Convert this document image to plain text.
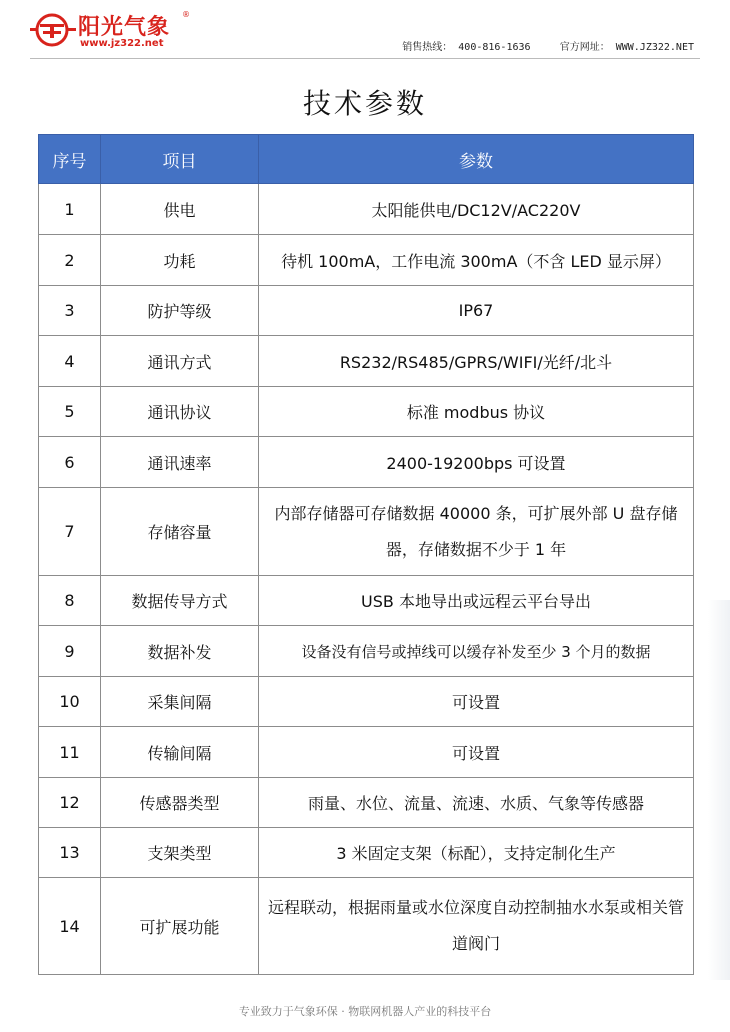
阳光气象
®
www.jz322.net	销售热线： 400-816-1636	官方网址： WWW.JZ322.NET
技术参数
序号	项目	参数
1	供电	太阳能供电/DC12V/AC220V
2	功耗	待机 100mA，工作电流 300mA（不含 LED 显示屏）
3	防护等级	IP67
4	通讯方式	RS232/RS485/GPRS/WIFI/光纤/北斗
5	通讯协议	标准 modbus 协议
6	通讯速率	2400-19200bps 可设置
7	存储容量	内部存储器可存储数据 40000 条，可扩展外部 U 盘存储器，存储数据不少于 1 年
8	数据传导方式	USB 本地导出或远程云平台导出
9	数据补发	设备没有信号或掉线可以缓存补发至少 3 个月的数据
10	采集间隔	可设置
11	传输间隔	可设置
12	传感器类型	雨量、水位、流量、流速、水质、气象等传感器
13	支架类型	3 米固定支架（标配），支持定制化生产
14	可扩展功能	远程联动，根据雨量或水位深度自动控制抽水水泵或相关管道阀门
专业致力于气象环保 · 物联网机器人产业的科技平台
